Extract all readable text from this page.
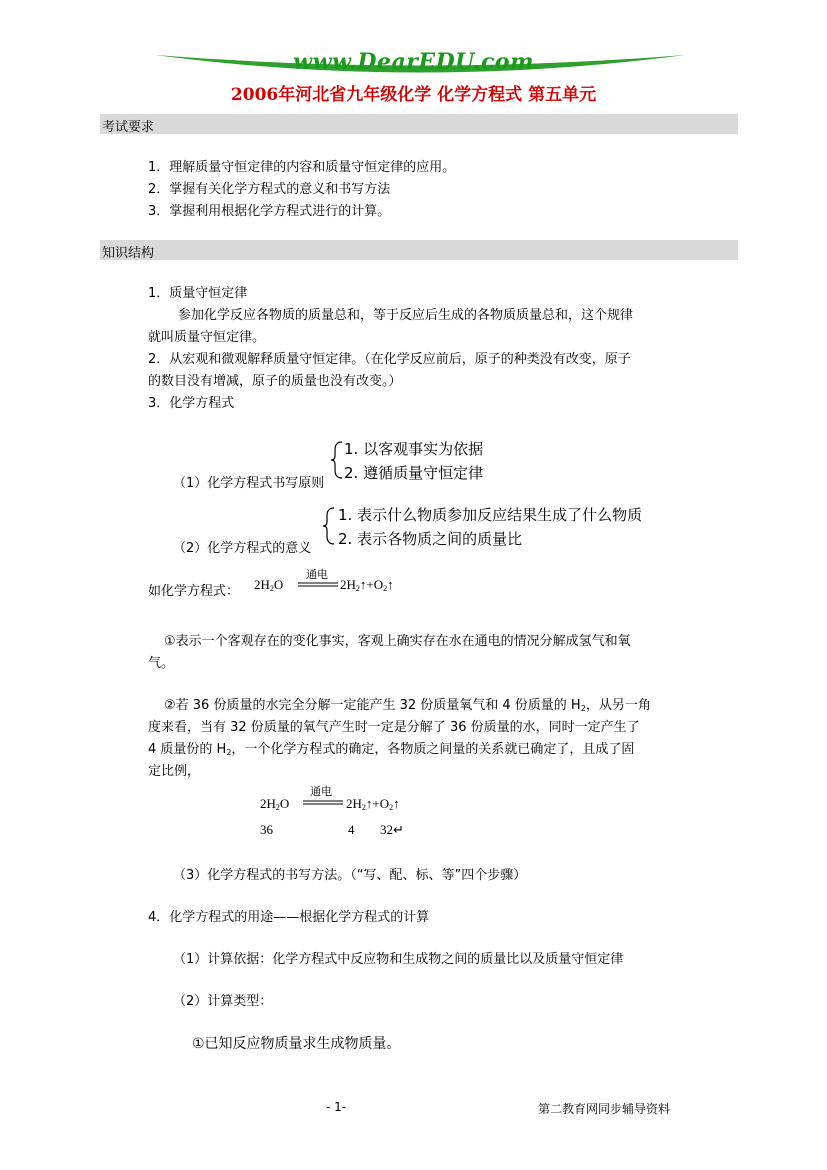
www.DearEDU.com
2006年河北省九年级化学 化学方程式 第五单元
考试要求
1．理解质量守恒定律的内容和质量守恒定律的应用。
2．掌握有关化学方程式的意义和书写方法
3．掌握利用根据化学方程式进行的计算。
知识结构
1．质量守恒定律
参加化学反应各物质的质量总和，等于反应后生成的各物质质量总和，这个规律
就叫质量守恒定律。
2．从宏观和微观解释质量守恒定律。（在化学反应前后，原子的种类没有改变，原子
的数目没有增减，原子的质量也没有改变。）
3．化学方程式
（1）化学方程式书写原则
1. 以客观事实为依据
2. 遵循质量守恒定律
（2）化学方程式的意义
1. 表示什么物质参加反应结果生成了什么物质
2. 表示各物质之间的质量比
如化学方程式： $2H_2O$
通电
$2H_2↑+O_2↑$
①表示一个客观存在的变化事实，客观上确实存在水在通电的情况分解成氢气和氧
气。
②若 36 份质量的水完全分解一定能产生 32 份质量氧气和 4 份质量的 $H_2$，从另一角
度来看，当有 32 份质量的氧气产生时一定是分解了 36 份质量的水，同时一定产生了
4 质量份的 $H_2$，一个化学方程式的确定，各物质之间量的关系就已确定了，且成了固
定比例，
$2H_2O$
通电
$2H_2↑+O_2↑$
36	4 32↵
（3）化学方程式的书写方法。（“写、配、标、等”四个步骤）
4．化学方程式的用途——根据化学方程式的计算
（1）计算依据：化学方程式中反应物和生成物之间的质量比以及质量守恒定律
（2）计算类型：
①已知反应物质量求生成物质量。
- 1-	第二教育网同步辅导资料
